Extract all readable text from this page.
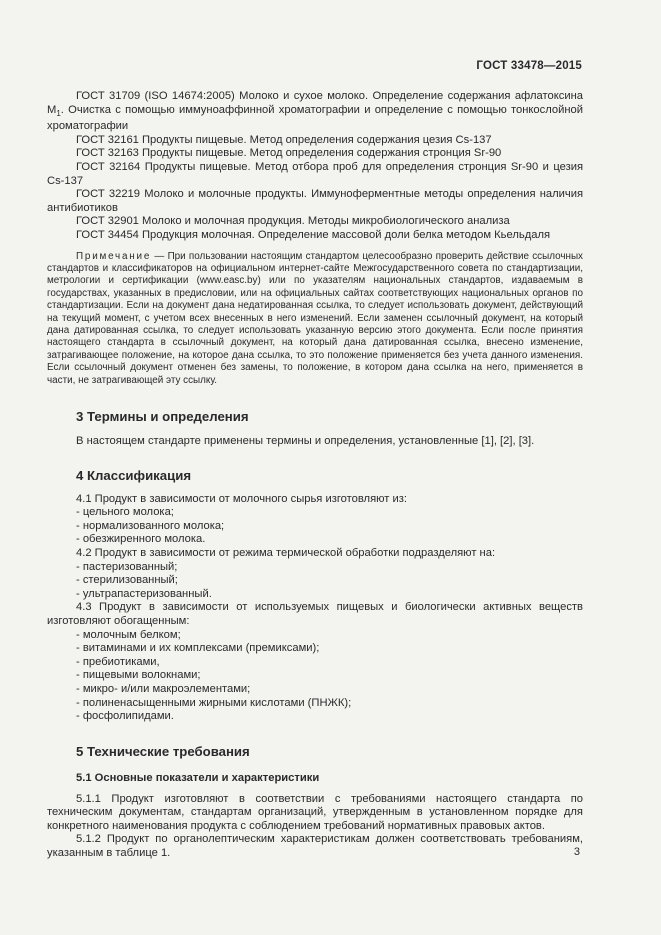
ГОСТ 33478—2015

ГОСТ 31709 (ISO 14674:2005) Молоко и сухое молоко. Определение содержания афлатоксина $М_1$. Очистка с помощью иммуноаффинной хроматографии и определение с помощью тонкослойной хроматографии

ГОСТ 32161 Продукты пищевые. Метод определения содержания цезия Cs-137

ГОСТ 32163 Продукты пищевые. Метод определения содержания стронция Sr-90

ГОСТ 32164 Продукты пищевые. Метод отбора проб для определения стронция Sr-90 и цезия Cs-137

ГОСТ 32219 Молоко и молочные продукты. Иммуноферментные методы определения наличия антибиотиков

ГОСТ 32901 Молоко и молочная продукция. Методы микробиологического анализа

ГОСТ 34454 Продукция молочная. Определение массовой доли белка методом Кьельдаля

Примечание — При пользовании настоящим стандартом целесообразно проверить действие ссылочных стандартов и классификаторов на официальном интернет-сайте Межгосударственного совета по стандартизации, метрологии и сертификации (www.easc.by) или по указателям национальных стандартов, издаваемым в государствах, указанных в предисловии, или на официальных сайтах соответствующих национальных органов по стандартизации. Если на документ дана недатированная ссылка, то следует использовать документ, действующий на текущий момент, с учетом всех внесенных в него изменений. Если заменен ссылочный документ, на который дана датированная ссылка, то следует использовать указанную версию этого документа. Если после принятия настоящего стандарта в ссылочный документ, на который дана датированная ссылка, внесено изменение, затрагивающее положение, на которое дана ссылка, то это положение применяется без учета данного изменения. Если ссылочный документ отменен без замены, то положение, в котором дана ссылка на него, применяется в части, не затрагивающей эту ссылку.

3 Термины и определения

В настоящем стандарте применены термины и определения, установленные [1], [2], [3].

4 Классификация

4.1 Продукт в зависимости от молочного сырья изготовляют из:

- цельного молока;

- нормализованного молока;

- обезжиренного молока.

4.2 Продукт в зависимости от режима термической обработки подразделяют на:

- пастеризованный;

- стерилизованный;

- ультрапастеризованный.

4.3 Продукт в зависимости от используемых пищевых и биологически активных веществ изготовляют обогащенным:

- молочным белком;

- витаминами и их комплексами (премиксами);

- пребиотиками,

- пищевыми волокнами;

- микро- и/или макроэлементами;

- полиненасыщенными жирными кислотами (ПНЖК);

- фосфолипидами.

5 Технические требования
5.1 Основные показатели и характеристики

5.1.1 Продукт изготовляют в соответствии с требованиями настоящего стандарта по техническим документам, стандартам организаций, утвержденным в установленном порядке для конкретного наименования продукта с соблюдением требований нормативных правовых актов.

5.1.2 Продукт по органолептическим характеристикам должен соответствовать требованиям, указанным в таблице 1.	3
